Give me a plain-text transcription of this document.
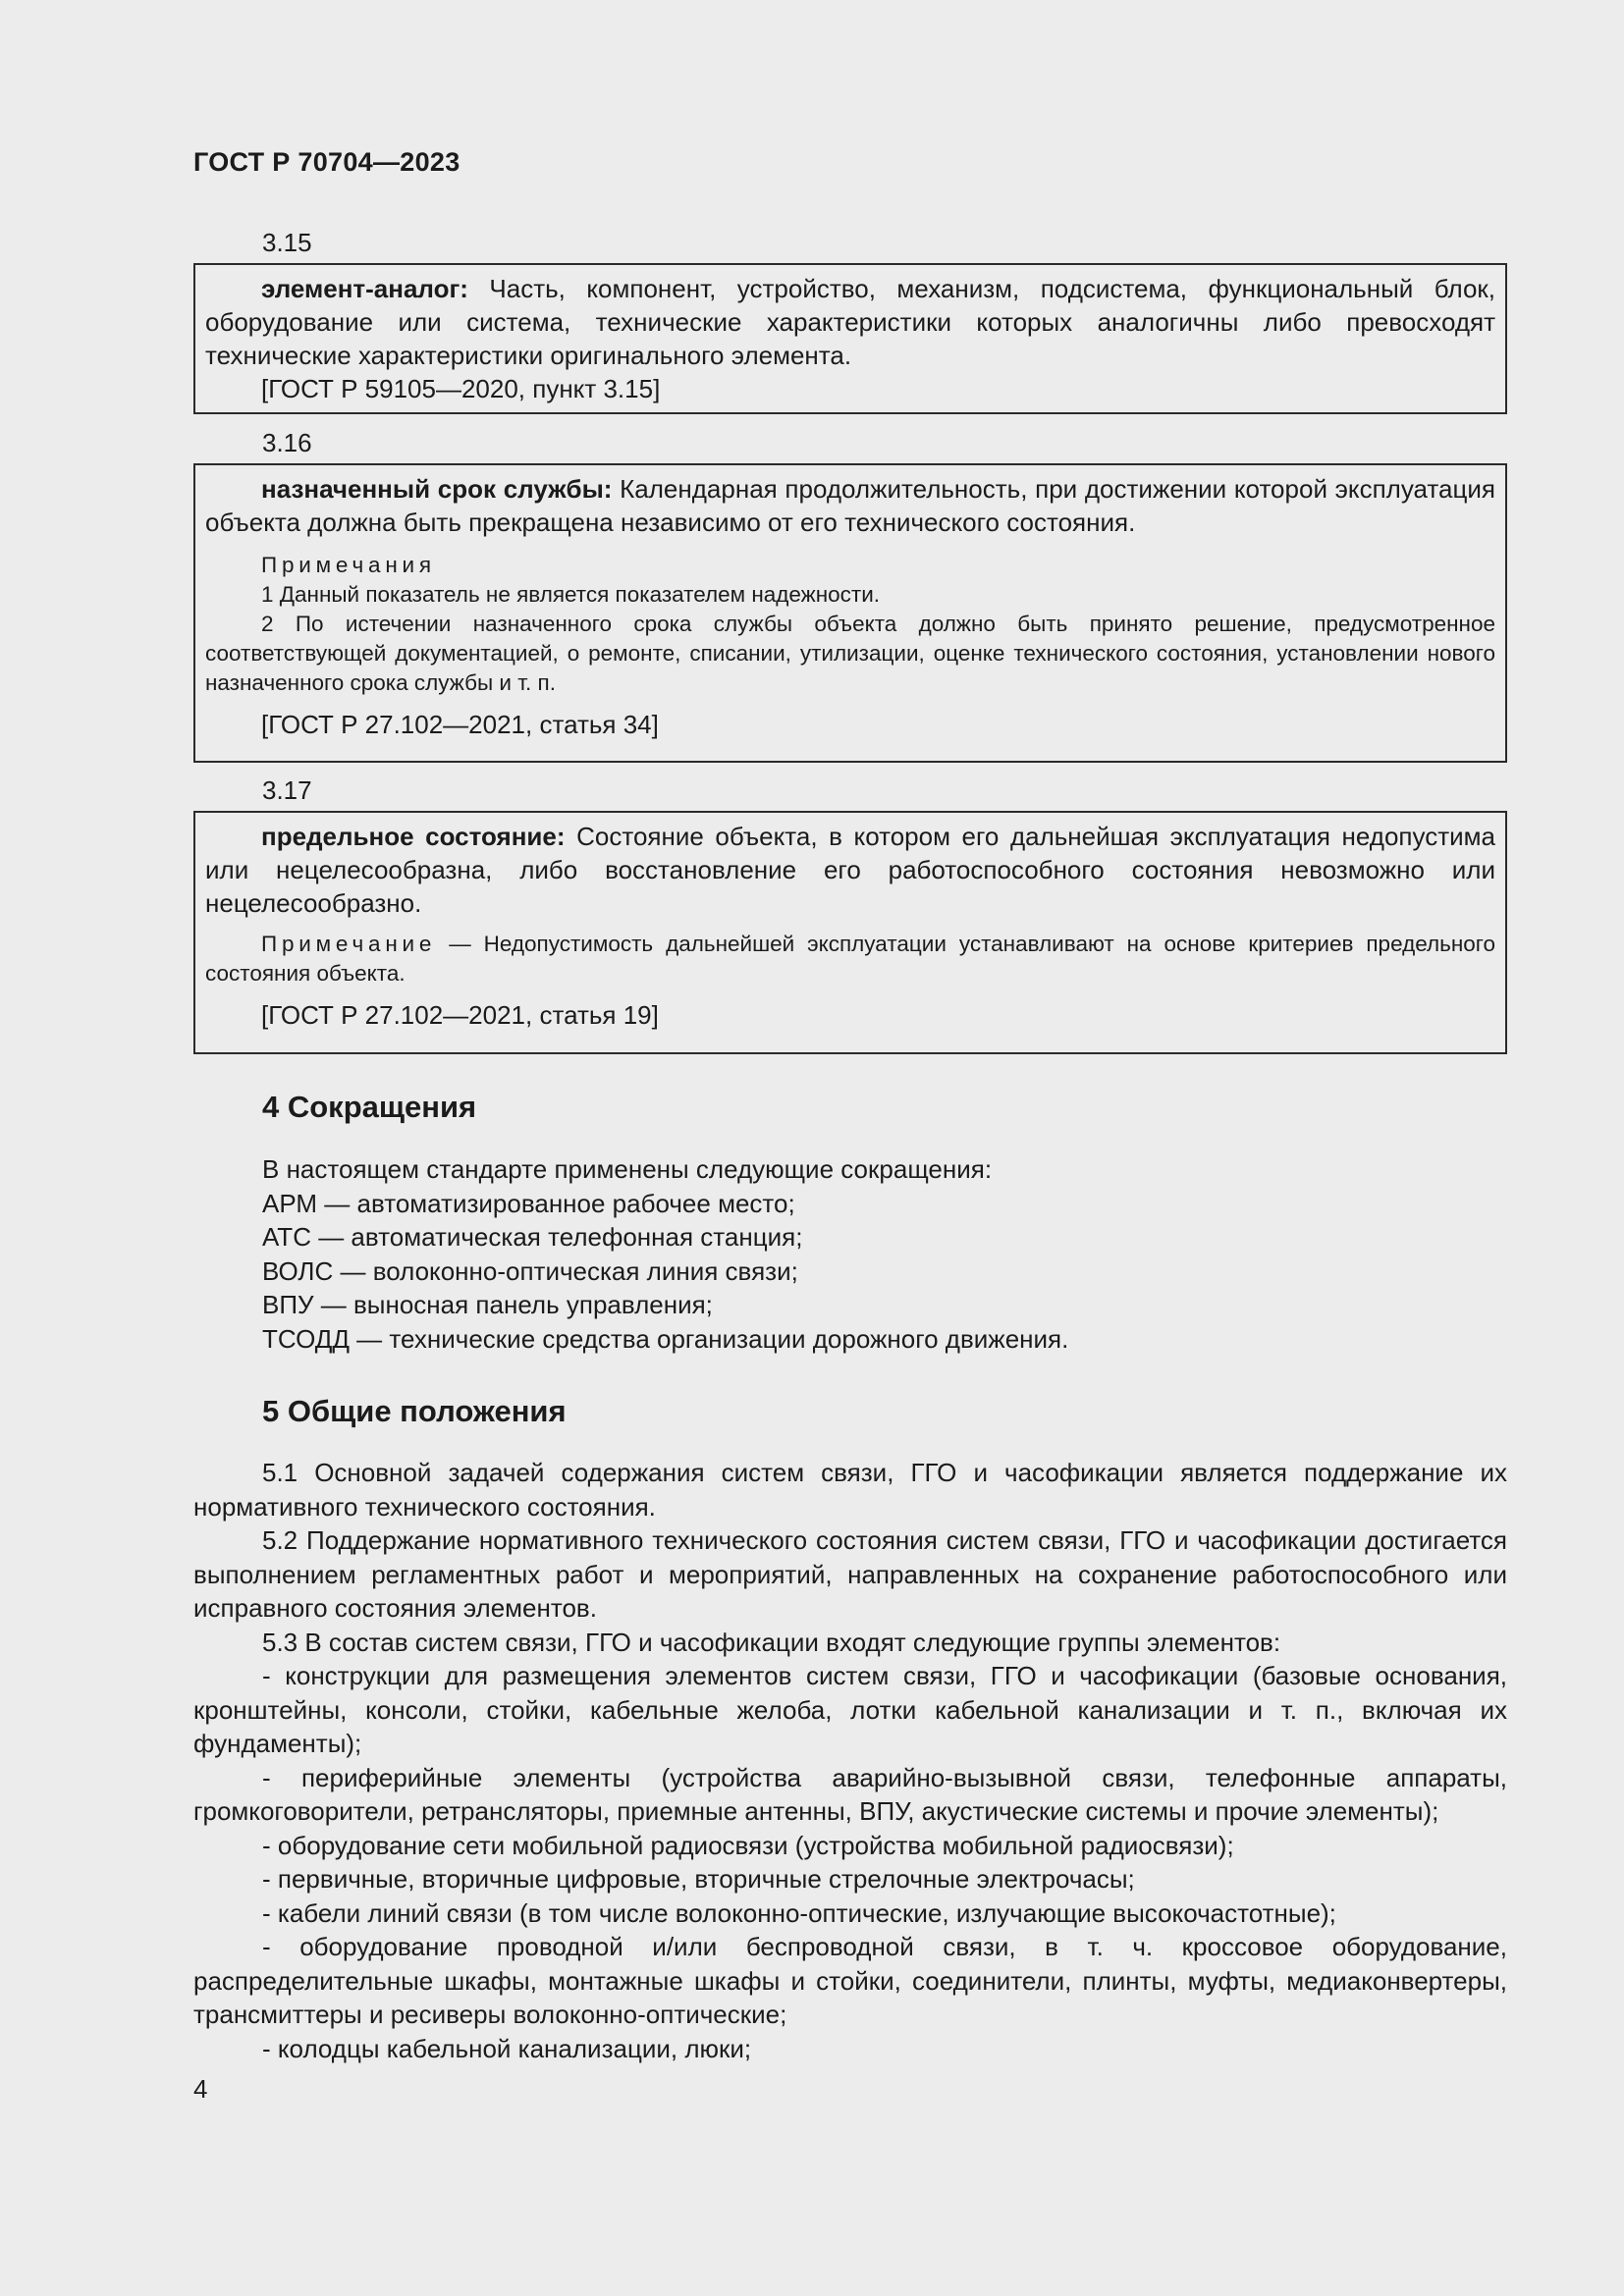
ГОСТ Р 70704—2023
3.15

элемент-аналог: Часть, компонент, устройство, механизм, подсистема, функциональный блок, оборудование или система, технические характеристики которых аналогичны либо превосходят технические характеристики оригинального элемента.

[ГОСТ Р 59105—2020, пункт 3.15]

3.16

назначенный срок службы: Календарная продолжительность, при достижении которой эксплуатация объекта должна быть прекращена независимо от его технического состояния.

Примечания

1 Данный показатель не является показателем надежности.

2 По истечении назначенного срока службы объекта должно быть принято решение, предусмотренное соответствующей документацией, о ремонте, списании, утилизации, оценке технического состояния, установлении нового назначенного срока службы и т. п.

[ГОСТ Р 27.102—2021, статья 34]

3.17

предельное состояние: Состояние объекта, в котором его дальнейшая эксплуатация недопустима или нецелесообразна, либо восстановление его работоспособного состояния невозможно или нецелесообразно.

Примечание — Недопустимость дальнейшей эксплуатации устанавливают на основе критериев предельного состояния объекта.

[ГОСТ Р 27.102—2021, статья 19]

4 Сокращения

В настоящем стандарте применены следующие сокращения:

АРМ — автоматизированное рабочее место;

АТС — автоматическая телефонная станция;

ВОЛС — волоконно-оптическая линия связи;

ВПУ — выносная панель управления;

ТСОДД — технические средства организации дорожного движения.

5 Общие положения

5.1 Основной задачей содержания систем связи, ГГО и часофикации является поддержание их нормативного технического состояния.

5.2 Поддержание нормативного технического состояния систем связи, ГГО и часофикации достигается выполнением регламентных работ и мероприятий, направленных на сохранение работоспособного или исправного состояния элементов.

5.3 В состав систем связи, ГГО и часофикации входят следующие группы элементов:

- конструкции для размещения элементов систем связи, ГГО и часофикации (базовые основания, кронштейны, консоли, стойки, кабельные желоба, лотки кабельной канализации и т. п., включая их фундаменты);

- периферийные элементы (устройства аварийно-вызывной связи, телефонные аппараты, громкоговорители, ретрансляторы, приемные антенны, ВПУ, акустические системы и прочие элементы);

- оборудование сети мобильной радиосвязи (устройства мобильной радиосвязи);

- первичные, вторичные цифровые, вторичные стрелочные электрочасы;

- кабели линий связи (в том числе волоконно-оптические, излучающие высокочастотные);

- оборудование проводной и/или беспроводной связи, в т. ч. кроссовое оборудование, распределительные шкафы, монтажные шкафы и стойки, соединители, плинты, муфты, медиаконвертеры, трансмиттеры и ресиверы волоконно-оптические;

- колодцы кабельной канализации, люки;

4
